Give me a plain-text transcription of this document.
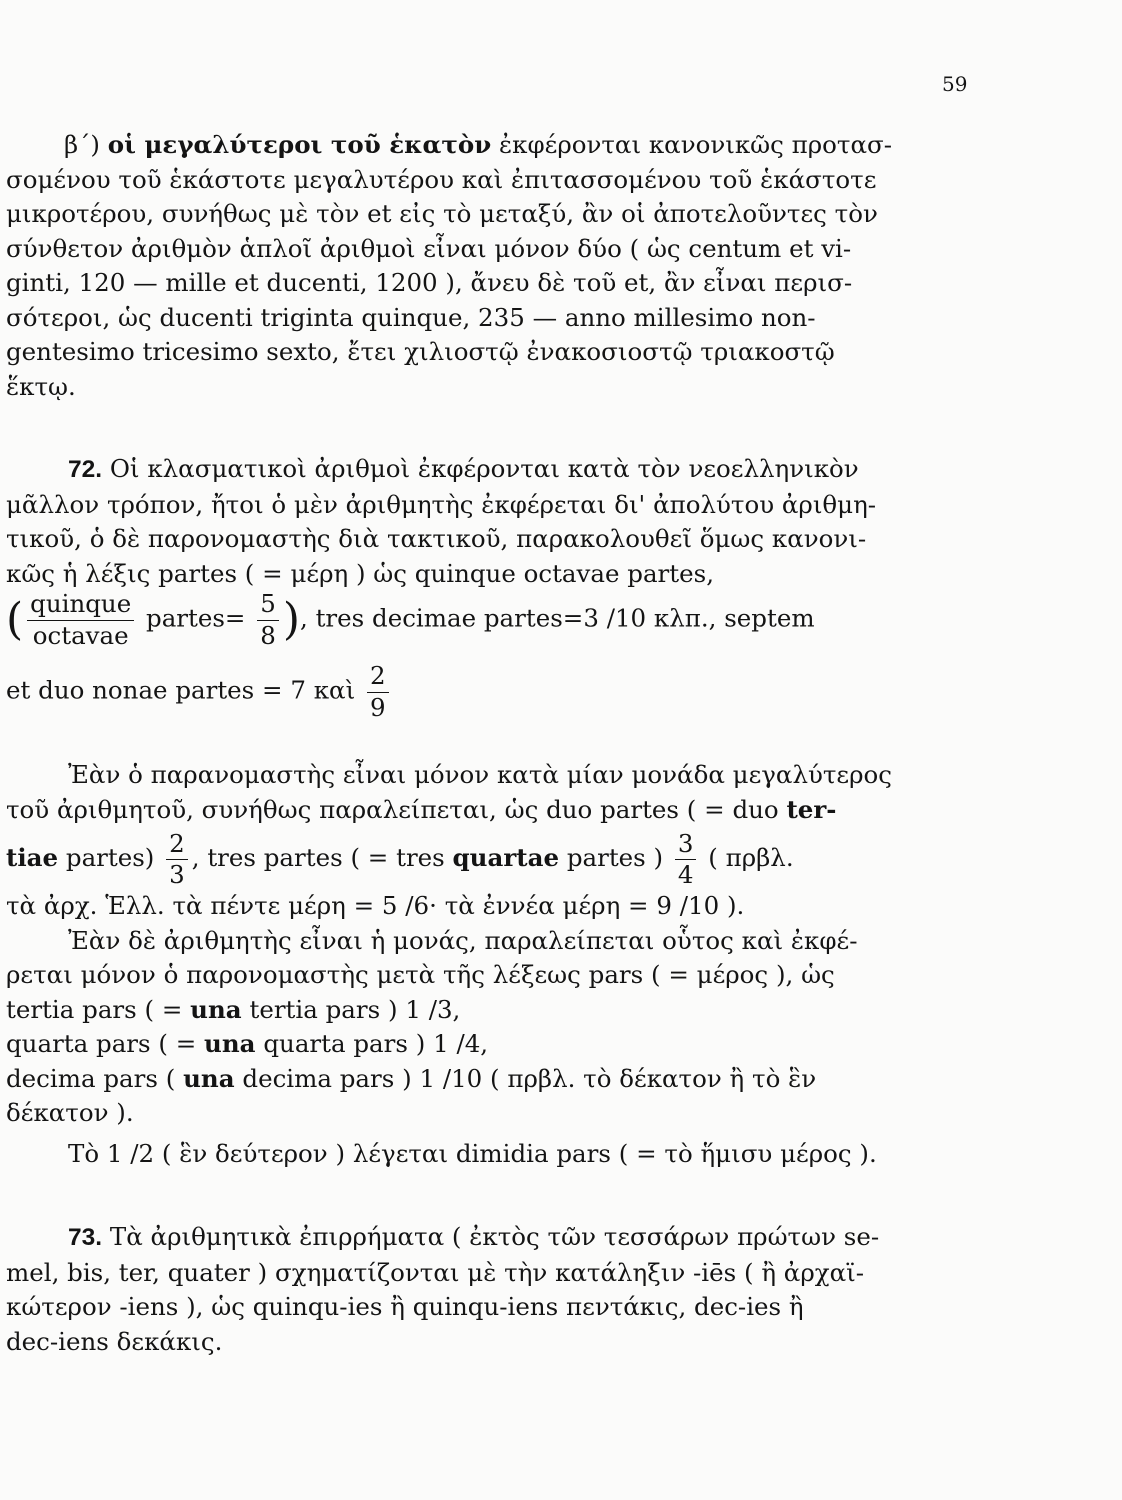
59
β΄) οἱ μεγαλύτεροι τοῦ ἑκατὸν ἐκφέρονται κανονικῶς προτασ-
σομένου τοῦ ἑκάστοτε μεγαλυτέρου καὶ ἐπιτασσομένου τοῦ ἑκάστοτε
μικροτέρου, συνήθως μὲ τὸν et εἰς τὸ μεταξύ, ἂν οἱ ἀποτελοῦντες τὸν
σύνθετον ἀριθμὸν ἁπλοῖ ἀριθμοὶ εἶναι μόνον δύο ( ὡς centum et vi-
ginti, 120 — mille et ducenti, 1200 ), ἄνευ δὲ τοῦ et, ἂν εἶναι περισ-
σότεροι, ὡς ducenti triginta quinque, 235 — anno millesimo non-
gentesimo tricesimo sexto, ἔτει χιλιοστῷ ἐνακοσιοστῷ τριακοστῷ
ἕκτῳ.
72. Οἱ κλασματικοὶ ἀριθμοὶ ἐκφέρονται κατὰ τὸν νεοελληνικὸν
μᾶλλον τρόπον, ἤτοι ὁ μὲν ἀριθμητὴς ἐκφέρεται δι' ἀπολύτου ἀριθμη-
τικοῦ, ὁ δὲ παρονομαστὴς διὰ τακτικοῦ, παρακολουθεῖ ὅμως κανονι-
κῶς ἡ λέξις partes ( = μέρη ) ὡς quinque octavae partes,
( $\frac{\text{quinque}}{\text{octavae}}$ partes= $\frac{5}{8}$ ), tres decimae partes=3 /10 κλπ., septem
et duo nonae partes = 7 καὶ $\frac{2}{9}$
Ἐὰν ὁ παρανομαστὴς εἶναι μόνον κατὰ μίαν μονάδα μεγαλύτερος
τοῦ ἀριθμητοῦ, συνήθως παραλείπεται, ὡς duo partes ( = duo ter-
tiae partes) $\frac{2}{3}$ , tres partes ( = tres quartae partes ) $\frac{3}{4}$ ( πρβλ.
τὰ ἀρχ. Ἑλλ. τὰ πέντε μέρη = 5 /6· τὰ ἐννέα μέρη = 9 /10 ).
Ἐὰν δὲ ἀριθμητὴς εἶναι ἡ μονάς, παραλείπεται οὗτος καὶ ἐκφέ-
ρεται μόνον ὁ παρονομαστὴς μετὰ τῆς λέξεως pars ( = μέρος ), ὡς
tertia pars ( = una tertia pars ) 1 /3,
quarta pars ( = una quarta pars ) 1 /4,
decima pars ( una decima pars ) 1 /10 ( πρβλ. τὸ δέκατον ἢ τὸ ἓν
δέκατον ).
Τὸ 1 /2 ( ἓν δεύτερον ) λέγεται dimidia pars ( = τὸ ἥμισυ μέρος ).
73. Τὰ ἀριθμητικὰ ἐπιρρήματα ( ἐκτὸς τῶν τεσσάρων πρώτων se-
mel, bis, ter, quater ) σχηματίζονται μὲ τὴν κατάληξιν -iēs ( ἢ ἀρχαϊ-
κώτερον -iens ), ὡς quinqu-ies ἢ quinqu-iens πεντάκις, dec-ies ἢ
dec-iens δεκάκις.
